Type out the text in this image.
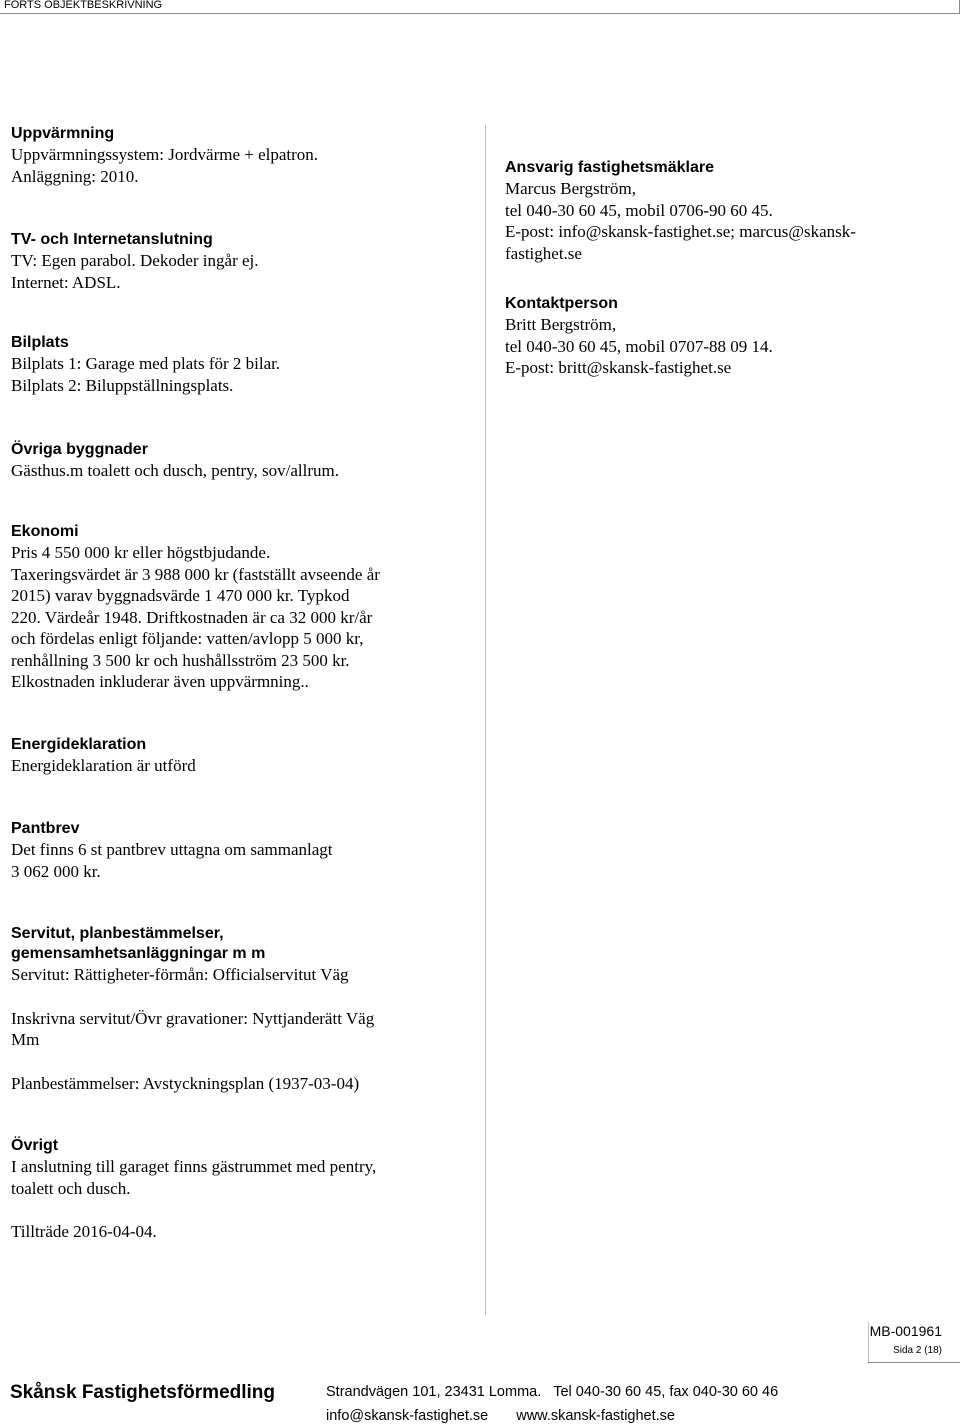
FORTS OBJEKTBESKRIVNING
Uppvärmning
Uppvärmningssystem: Jordvärme + elpatron.
Anläggning: 2010.
TV- och Internetanslutning
TV: Egen parabol. Dekoder ingår ej.
Internet: ADSL.
Bilplats
Bilplats 1: Garage med plats för 2 bilar.
Bilplats 2: Biluppställningsplats.
Övriga byggnader
Gästhus.m toalett och dusch, pentry, sov/allrum.
Ekonomi
Pris 4 550 000 kr eller högstbjudande.
Taxeringsvärdet är 3 988 000 kr (fastställt avseende år
2015) varav byggnadsvärde 1 470 000 kr. Typkod
220. Värdeår 1948. Driftkostnaden är ca 32 000 kr/år
och fördelas enligt följande: vatten/avlopp 5 000 kr,
renhållning 3 500 kr och hushållsström 23 500 kr.
Elkostnaden inkluderar även uppvärmning..
Energideklaration
Energideklaration är utförd
Pantbrev
Det finns 6 st pantbrev uttagna om sammanlagt
3 062 000 kr.
Servitut, planbestämmelser,
gemensamhetsanläggningar m m
Servitut: Rättigheter-förmån: Officialservitut Väg
Inskrivna servitut/Övr gravationer: Nyttjanderätt Väg
Mm
Planbestämmelser: Avstyckningsplan (1937-03-04)
Övrigt
I anslutning till garaget finns gästrummet med pentry,
toalett och dusch.
Tillträde 2016-04-04.
Ansvarig fastighetsmäklare
Marcus Bergström,
tel 040-30 60 45, mobil 0706-90 60 45.
E-post: info@skansk-fastighet.se; marcus@skansk-
fastighet.se
Kontaktperson
Britt Bergström,
tel 040-30 60 45, mobil 0707-88 09 14.
E-post: britt@skansk-fastighet.se
MB-001961
Sida 2 (18)
Skånsk Fastighetsförmedling	Strandvägen 101, 23431 Lomma. Tel 040-30 60 45, fax 040-30 60 46
info@skansk-fastighet.se www.skansk-fastighet.se
